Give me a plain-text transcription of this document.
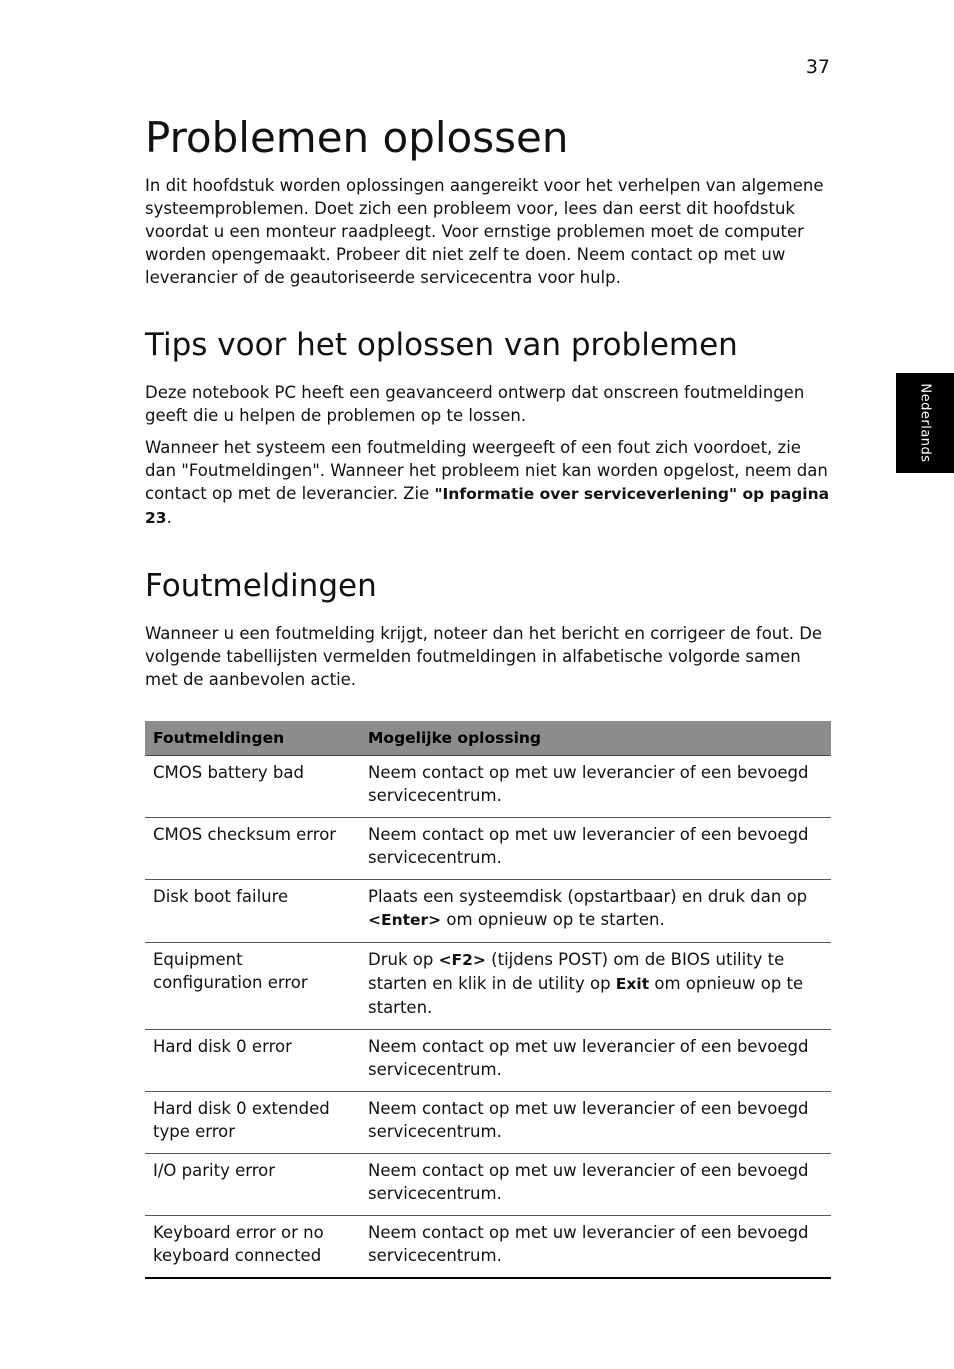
37
Nederlands
Problemen oplossen

In dit hoofdstuk worden oplossingen aangereikt voor het verhelpen van algemene systeemproblemen. Doet zich een probleem voor, lees dan eerst dit hoofdstuk voordat u een monteur raadpleegt. Voor ernstige problemen moet de computer worden opengemaakt. Probeer dit niet zelf te doen. Neem contact op met uw leverancier of de geautoriseerde servicecentra voor hulp.

Tips voor het oplossen van problemen

Deze notebook PC heeft een geavanceerd ontwerp dat onscreen foutmeldingen geeft die u helpen de problemen op te lossen.

Wanneer het systeem een foutmelding weergeeft of een fout zich voordoet, zie dan "Foutmeldingen". Wanneer het probleem niet kan worden opgelost, neem dan contact op met de leverancier. Zie "Informatie over serviceverlening" op pagina 23.

Foutmeldingen

Wanneer u een foutmelding krijgt, noteer dan het bericht en corrigeer de fout. De volgende tabellijsten vermelden foutmeldingen in alfabetische volgorde samen met de aanbevolen actie.

Foutmeldingen	Mogelijke oplossing
CMOS battery bad	Neem contact op met uw leverancier of een bevoegd servicecentrum.
CMOS checksum error	Neem contact op met uw leverancier of een bevoegd servicecentrum.
Disk boot failure	Plaats een systeemdisk (opstartbaar) en druk dan op <Enter> om opnieuw op te starten.
Equipment configuration error	Druk op <F2> (tijdens POST) om de BIOS utility te starten en klik in de utility op Exit om opnieuw op te starten.
Hard disk 0 error	Neem contact op met uw leverancier of een bevoegd servicecentrum.
Hard disk 0 extended type error	Neem contact op met uw leverancier of een bevoegd servicecentrum.
I/O parity error	Neem contact op met uw leverancier of een bevoegd servicecentrum.
Keyboard error or no keyboard connected	Neem contact op met uw leverancier of een bevoegd servicecentrum.
